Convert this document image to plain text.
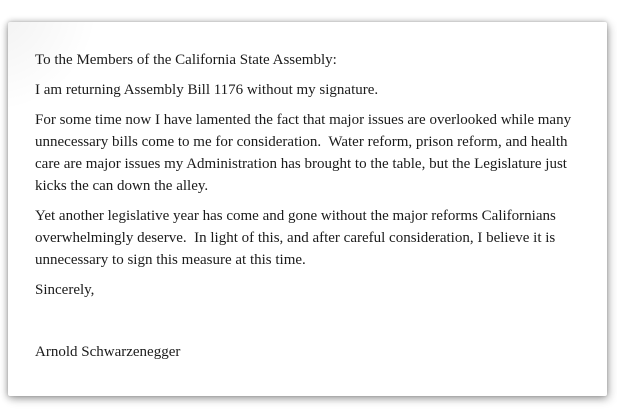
To the Members of the California State Assembly:
I am returning Assembly Bill 1176 without my signature.
For some time now I have lamented the fact that major issues are overlooked while many
unnecessary bills come to me for consideration.  Water reform, prison reform, and health
care are major issues my Administration has brought to the table, but the Legislature just
kicks the can down the alley.
Yet another legislative year has come and gone without the major reforms Californians
overwhelmingly deserve.  In light of this, and after careful consideration, I believe it is
unnecessary to sign this measure at this time.
Sincerely,
Arnold Schwarzenegger
